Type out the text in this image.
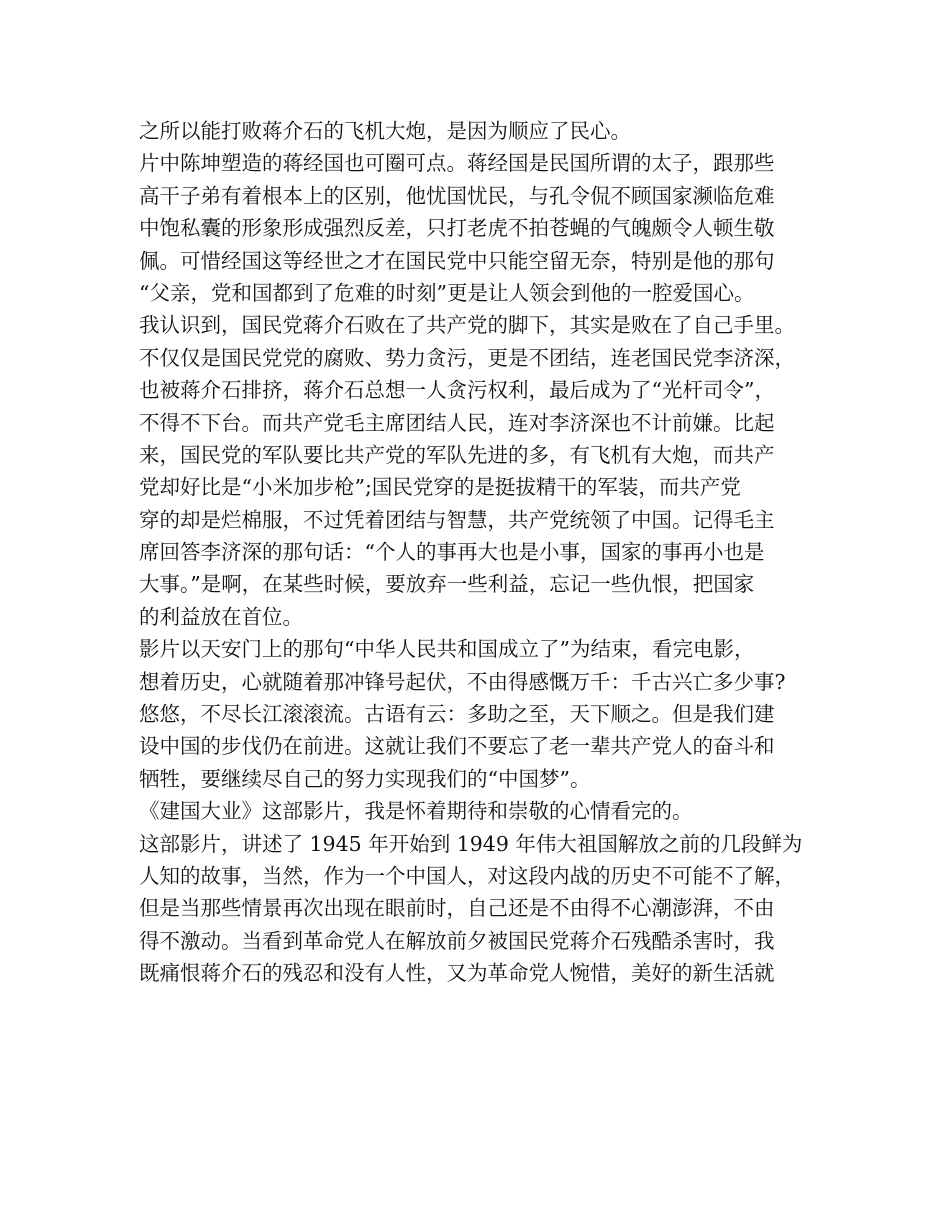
之所以能打败蒋介石的飞机大炮，是因为顺应了民心。
片中陈坤塑造的蒋经国也可圈可点。蒋经国是民国所谓的太子，跟那些
高干子弟有着根本上的区别，他忧国忧民，与孔令侃不顾国家濒临危难
中饱私囊的形象形成强烈反差，只打老虎不拍苍蝇的气魄颇令人顿生敬
佩。可惜经国这等经世之才在国民党中只能空留无奈，特别是他的那句
“父亲，党和国都到了危难的时刻”更是让人领会到他的一腔爱国心。
我认识到，国民党蒋介石败在了共产党的脚下，其实是败在了自己手里。
不仅仅是国民党党的腐败、势力贪污，更是不团结，连老国民党李济深，
也被蒋介石排挤，蒋介石总想一人贪污权利，最后成为了“光杆司令”，
不得不下台。而共产党毛主席团结人民，连对李济深也不计前嫌。比起
来，国民党的军队要比共产党的军队先进的多，有飞机有大炮，而共产
党却好比是“小米加步枪”;国民党穿的是挺拔精干的军装，而共产党
穿的却是烂棉服，不过凭着团结与智慧，共产党统领了中国。记得毛主
席回答李济深的那句话：“个人的事再大也是小事，国家的事再小也是
大事。”是啊，在某些时候，要放弃一些利益，忘记一些仇恨，把国家
的利益放在首位。
影片以天安门上的那句“中华人民共和国成立了”为结束，看完电影，
想着历史，心就随着那冲锋号起伏，不由得感慨万千：千古兴亡多少事?
悠悠，不尽长江滚滚流。古语有云：多助之至，天下顺之。但是我们建
设中国的步伐仍在前进。这就让我们不要忘了老一辈共产党人的奋斗和
牺牲，要继续尽自己的努力实现我们的“中国梦”。
《建国大业》这部影片，我是怀着期待和崇敬的心情看完的。
这部影片，讲述了 1945 年开始到 1949 年伟大祖国解放之前的几段鲜为
人知的故事，当然，作为一个中国人，对这段内战的历史不可能不了解，
但是当那些情景再次出现在眼前时，自己还是不由得不心潮澎湃，不由
得不激动。当看到革命党人在解放前夕被国民党蒋介石残酷杀害时，我
既痛恨蒋介石的残忍和没有人性，又为革命党人惋惜，美好的新生活就
